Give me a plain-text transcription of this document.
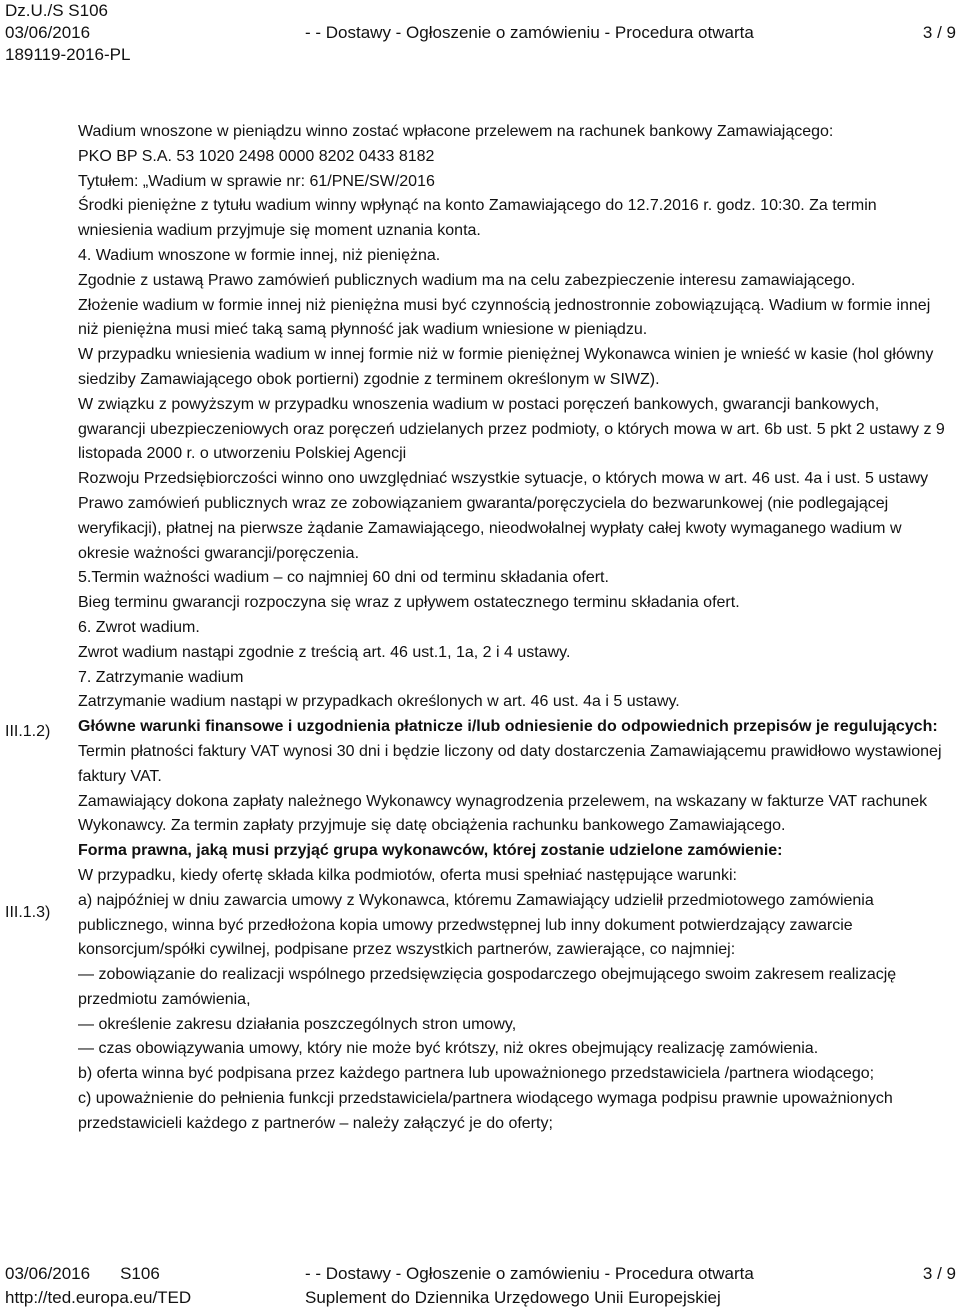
Dz.U./S S106
03/06/2016
189119-2016-PL
- - Dostawy - Ogłoszenie o zamówieniu - Procedura otwarta	3 / 9

Wadium wnoszone w pieniądzu winno zostać wpłacone przelewem na rachunek bankowy Zamawiającego:

PKO BP S.A. 53 1020 2498 0000 8202 0433 8182

Tytułem: „Wadium w sprawie nr: 61/PNE/SW/2016

Środki pieniężne z tytułu wadium winny wpłynąć na konto Zamawiającego do 12.7.2016 r. godz. 10:30. Za termin wniesienia wadium przyjmuje się moment uznania konta.

4. Wadium wnoszone w formie innej, niż pieniężna.

Zgodnie z ustawą Prawo zamówień publicznych wadium ma na celu zabezpieczenie interesu zamawiającego.

Złożenie wadium w formie innej niż pieniężna musi być czynnością jednostronnie zobowiązującą. Wadium w formie innej niż pieniężna musi mieć taką samą płynność jak wadium wniesione w pieniądzu.

W przypadku wniesienia wadium w innej formie niż w formie pieniężnej Wykonawca winien je wnieść w kasie (hol główny siedziby Zamawiającego obok portierni) zgodnie z terminem określonym w SIWZ).

W związku z powyższym w przypadku wnoszenia wadium w postaci poręczeń bankowych, gwarancji bankowych, gwarancji ubezpieczeniowych oraz poręczeń udzielanych przez podmioty, o których mowa w art. 6b ust. 5 pkt 2 ustawy z 9 listopada 2000 r. o utworzeniu Polskiej Agencji

Rozwoju Przedsiębiorczości winno ono uwzględniać wszystkie sytuacje, o których mowa w art. 46 ust. 4a i ust. 5 ustawy Prawo zamówień publicznych wraz ze zobowiązaniem gwaranta/poręczyciela do bezwarunkowej (nie podlegającej weryfikacji), płatnej na pierwsze żądanie Zamawiającego, nieodwołalnej wypłaty całej kwoty wymaganego wadium w okresie ważności gwarancji/poręczenia.

5.Termin ważności wadium – co najmniej 60 dni od terminu składania ofert.

Bieg terminu gwarancji rozpoczyna się wraz z upływem ostatecznego terminu składania ofert.

6. Zwrot wadium.

Zwrot wadium nastąpi zgodnie z treścią art. 46 ust.1, 1a, 2 i 4 ustawy.

7. Zatrzymanie wadium

Zatrzymanie wadium nastąpi w przypadkach określonych w art. 46 ust. 4a i 5 ustawy.

Główne warunki finansowe i uzgodnienia płatnicze i/lub odniesienie do odpowiednich przepisów je regulujących:

Termin płatności faktury VAT wynosi 30 dni i będzie liczony od daty dostarczenia Zamawiającemu prawidłowo wystawionej faktury VAT.

Zamawiający dokona zapłaty należnego Wykonawcy wynagrodzenia przelewem, na wskazany w fakturze VAT rachunek Wykonawcy. Za termin zapłaty przyjmuje się datę obciążenia rachunku bankowego Zamawiającego.

Forma prawna, jaką musi przyjąć grupa wykonawców, której zostanie udzielone zamówienie:

W przypadku, kiedy ofertę składa kilka podmiotów, oferta musi spełniać następujące warunki:

a) najpóźniej w dniu zawarcia umowy z Wykonawca, któremu Zamawiający udzielił przedmiotowego zamówienia publicznego, winna być przedłożona kopia umowy przedwstępnej lub inny dokument potwierdzający zawarcie konsorcjum/spółki cywilnej, podpisane przez wszystkich partnerów, zawierające, co najmniej:

— zobowiązanie do realizacji wspólnego przedsięwzięcia gospodarczego obejmującego swoim zakresem realizację przedmiotu zamówienia,

— określenie zakresu działania poszczególnych stron umowy,

— czas obowiązywania umowy, który nie może być krótszy, niż okres obejmujący realizację zamówienia.

b) oferta winna być podpisana przez każdego partnera lub upoważnionego przedstawiciela /partnera wiodącego;

c) upoważnienie do pełnienia funkcji przedstawiciela/partnera wiodącego wymaga podpisu prawnie upoważnionych przedstawicieli każdego z partnerów – należy załączyć je do oferty;

III.1.2)
III.1.3)
03/06/2016 S106
http://ted.europa.eu/TED
- - Dostawy - Ogłoszenie o zamówieniu - Procedura otwarta
Suplement do Dziennika Urzędowego Unii Europejskiej
3 / 9
